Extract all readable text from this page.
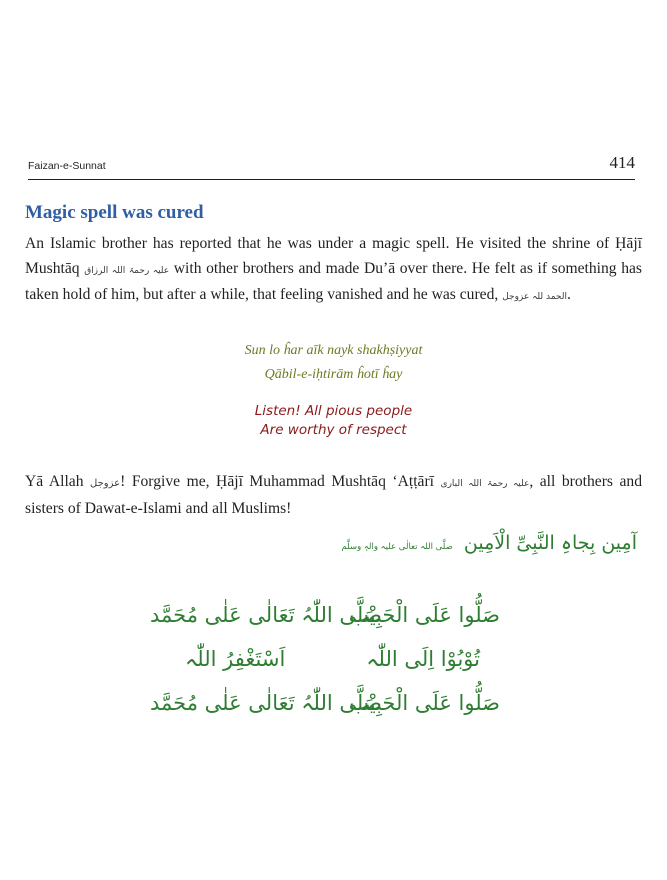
Faizan-e-Sunnat	414
Magic spell was cured

An Islamic brother has reported that he was under a magic spell. He visited the shrine of Ḥājī Mushtāq علیہ رحمۃ اللہ الرزاق with other brothers and made Du’ā over there. He felt as if something has taken hold of him, but after a while, that feeling vanished and he was cured, الحمد للہ عزوجل.

Sun lo ĥar aīk nayk shakhṣiyyat
Qābil-e-iḥtirām ĥotī ĥay
Listen! All pious people
Are worthy of respect

Yā Allah عزوجل! Forgive me, Ḥājī Muhammad Mushtāq ‘Aṭṭārī علیہ رحمۃ اللہ الباری, all brothers and sisters of Dawat-e-Islami and all Muslims!

آمِین بِجاہِ النَّبِیِّ الْاَمِین صلَّی اللہ تعالٰی علیہ والہٖ وسلَّم
صَلُّوا عَلَی الْحَبِیْب
صَلَّی اللّٰہُ تَعَالٰی عَلٰی مُحَمَّد
تُوْبُوْا اِلَی اللّٰہ
اَسْتَغْفِرُ اللّٰہ
صَلُّوا عَلَی الْحَبِیْب
صَلَّی اللّٰہُ تَعَالٰی عَلٰی مُحَمَّد
